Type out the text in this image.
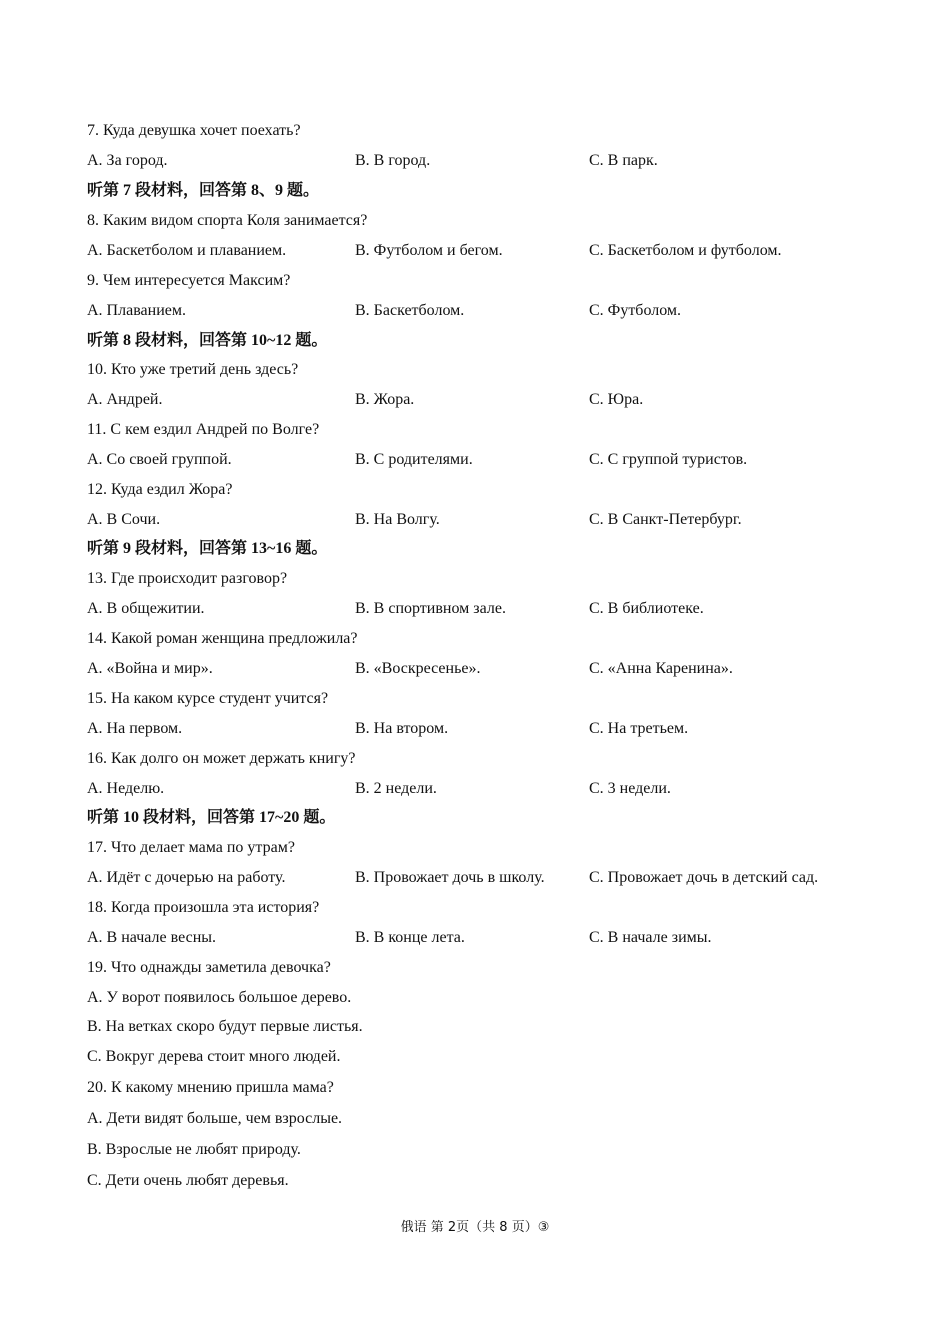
7. Куда девушка хочет поехать?
A. За город.	B. В город.	C. В парк.
听第 7 段材料，回答第 8、9 题。
8. Каким видом спорта Коля занимается?
A. Баскетболом и плаванием.	B. Футболом и бегом.	C. Баскетболом и футболом.
9. Чем интересуется Максим?
A. Плаванием.	B. Баскетболом.	C. Футболом.
听第 8 段材料，回答第 10~12 题。
10. Кто уже третий день здесь?
A. Андрей.	B. Жора.	C. Юра.
11. С кем ездил Андрей по Волге?
A. Со своей группой.	B. С родителями.	C. С группой туристов.
12. Куда ездил Жора?
A. В Сочи.	B. На Волгу.	C. В Санкт-Петербург.
听第 9 段材料，回答第 13~16 题。
13. Где происходит разговор?
A. В общежитии.	B. В спортивном зале.	C. В библиотеке.
14. Какой роман женщина предложила?
A. «Война и мир».	B. «Воскресенье».	C. «Анна Каренина».
15. На каком курсе студент учится?
A. На первом.	B. На втором.	C. На третьем.
16. Как долго он может держать книгу?
A. Неделю.	B. 2 недели.	C. 3 недели.
听第 10 段材料，回答第 17~20 题。
17. Что делает мама по утрам?
A. Идёт с дочерью на работу.	B. Провожает дочь в школу.	C. Провожает дочь в детский сад.
18. Когда произошла эта история?
A. В начале весны.	B. В конце лета.	C. В начале зимы.
19. Что однажды заметила девочка?
A. У ворот появилось большое дерево.
B. На ветках скоро будут первые листья.
C. Вокруг дерева стоит много людей.
20. К какому мнению пришла мама?
A. Дети видят больше, чем взрослые.
B. Взрослые не любят природу.
C. Дети очень любят деревья.
俄语 第 2页（共 8 页）③
